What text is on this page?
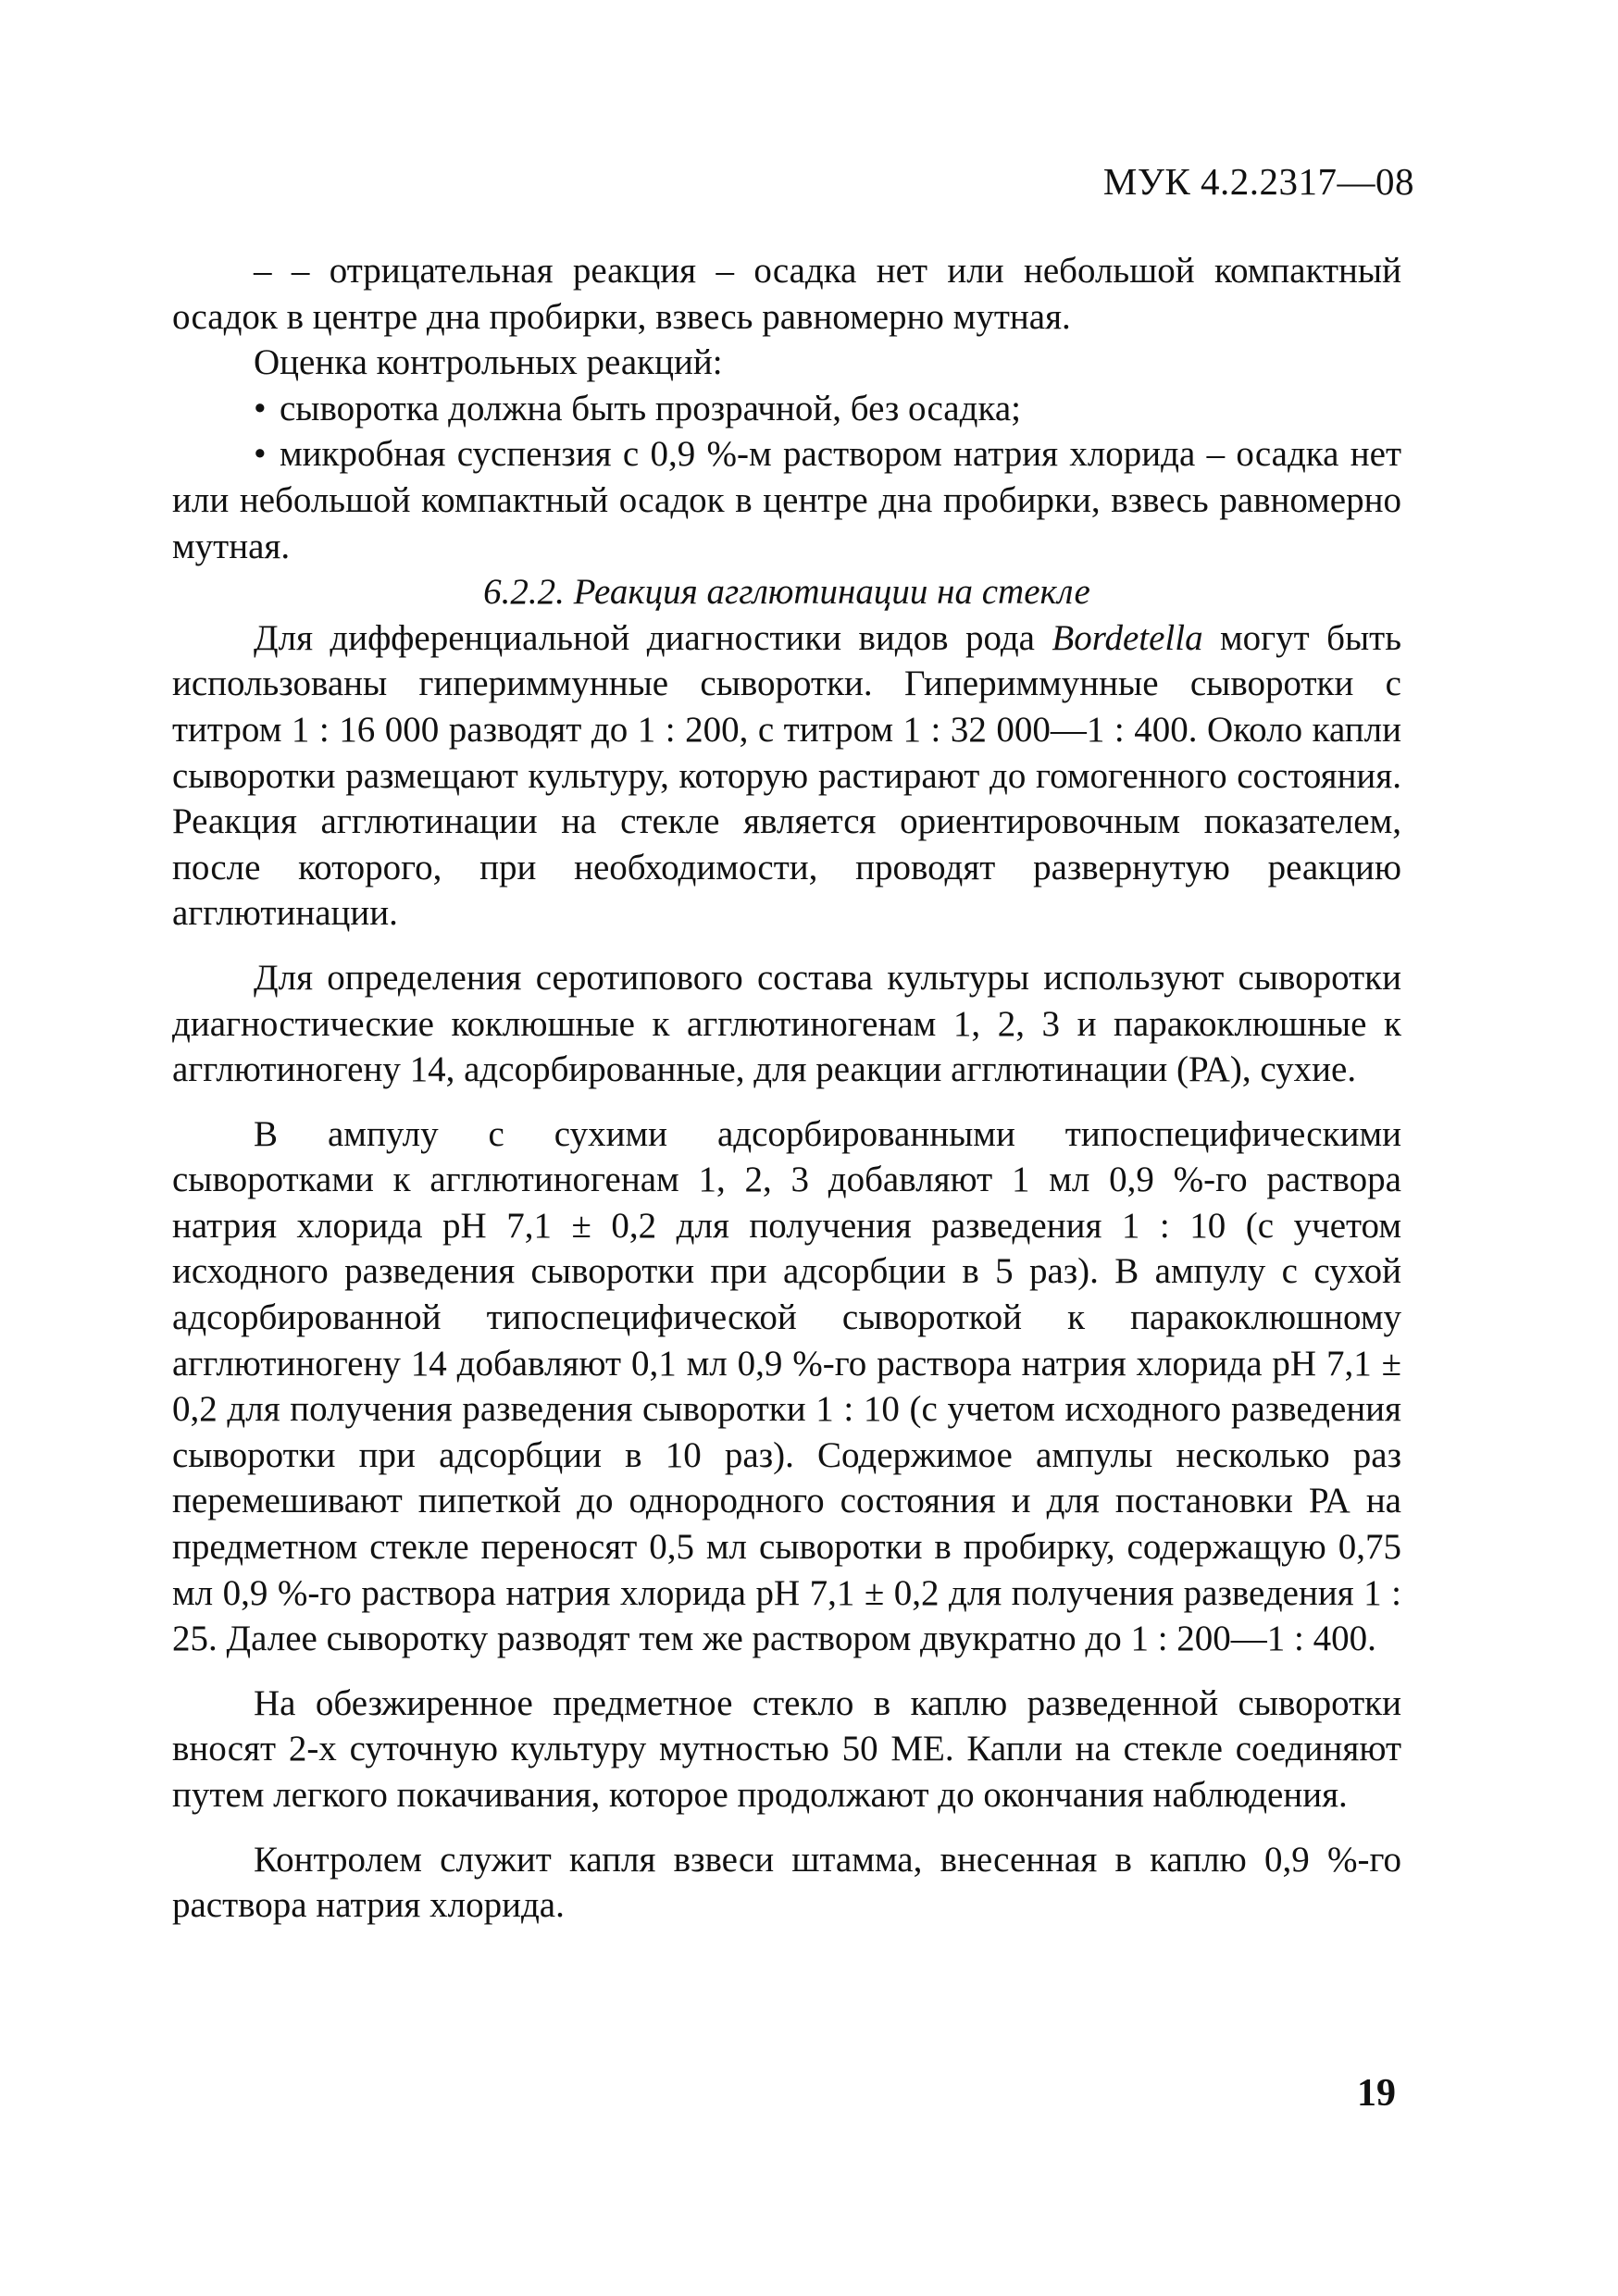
МУК 4.2.2317—08

– – отрицательная реакция – осадка нет или небольшой компактный осадок в центре дна пробирки, взвесь равномерно мутная.

Оценка контрольных реакций:

• сыворотка должна быть прозрачной, без осадка;

• микробная суспензия с 0,9 %-м раствором натрия хлорида – осадка нет или небольшой компактный осадок в центре дна пробирки, взвесь равномерно мутная.

6.2.2. Реакция агглютинации на стекле

Для дифференциальной диагностики видов рода Bordetella могут быть использованы гипериммунные сыворотки. Гипериммунные сыворотки с титром 1 : 16 000 разводят до 1 : 200, с титром 1 : 32 000—1 : 400. Около капли сыворотки размещают культуру, которую растирают до гомогенного состояния. Реакция агглютинации на стекле является ориентировочным показателем, после которого, при необходимости, проводят развернутую реакцию агглютинации.

Для определения серотипового состава культуры используют сыворотки диагностические коклюшные к агглютиногенам 1, 2, 3 и паракоклюшные к агглютиногену 14, адсорбированные, для реакции агглютинации (РА), сухие.

В ампулу с сухими адсорбированными типоспецифическими сыворотками к агглютиногенам 1, 2, 3 добавляют 1 мл 0,9 %-го раствора натрия хлорида рН 7,1 ± 0,2 для получения разведения 1 : 10 (с учетом исходного разведения сыворотки при адсорбции в 5 раз). В ампулу с сухой адсорбированной типоспецифической сывороткой к паракоклюшному агглютиногену 14 добавляют 0,1 мл 0,9 %-го раствора натрия хлорида рН 7,1 ± 0,2 для получения разведения сыворотки 1 : 10 (с учетом исходного разведения сыворотки при адсорбции в 10 раз). Содержимое ампулы несколько раз перемешивают пипеткой до однородного состояния и для постановки РА на предметном стекле переносят 0,5 мл сыворотки в пробирку, содержащую 0,75 мл 0,9 %-го раствора натрия хлорида рН 7,1 ± 0,2 для получения разведения 1 : 25. Далее сыворотку разводят тем же раствором двукратно до 1 : 200—1 : 400.

На обезжиренное предметное стекло в каплю разведенной сыворотки вносят 2-х суточную культуру мутностью 50 МЕ. Капли на стекле соединяют путем легкого покачивания, которое продолжают до окончания наблюдения.

Контролем служит капля взвеси штамма, внесенная в каплю 0,9 %-го раствора натрия хлорида.

19
